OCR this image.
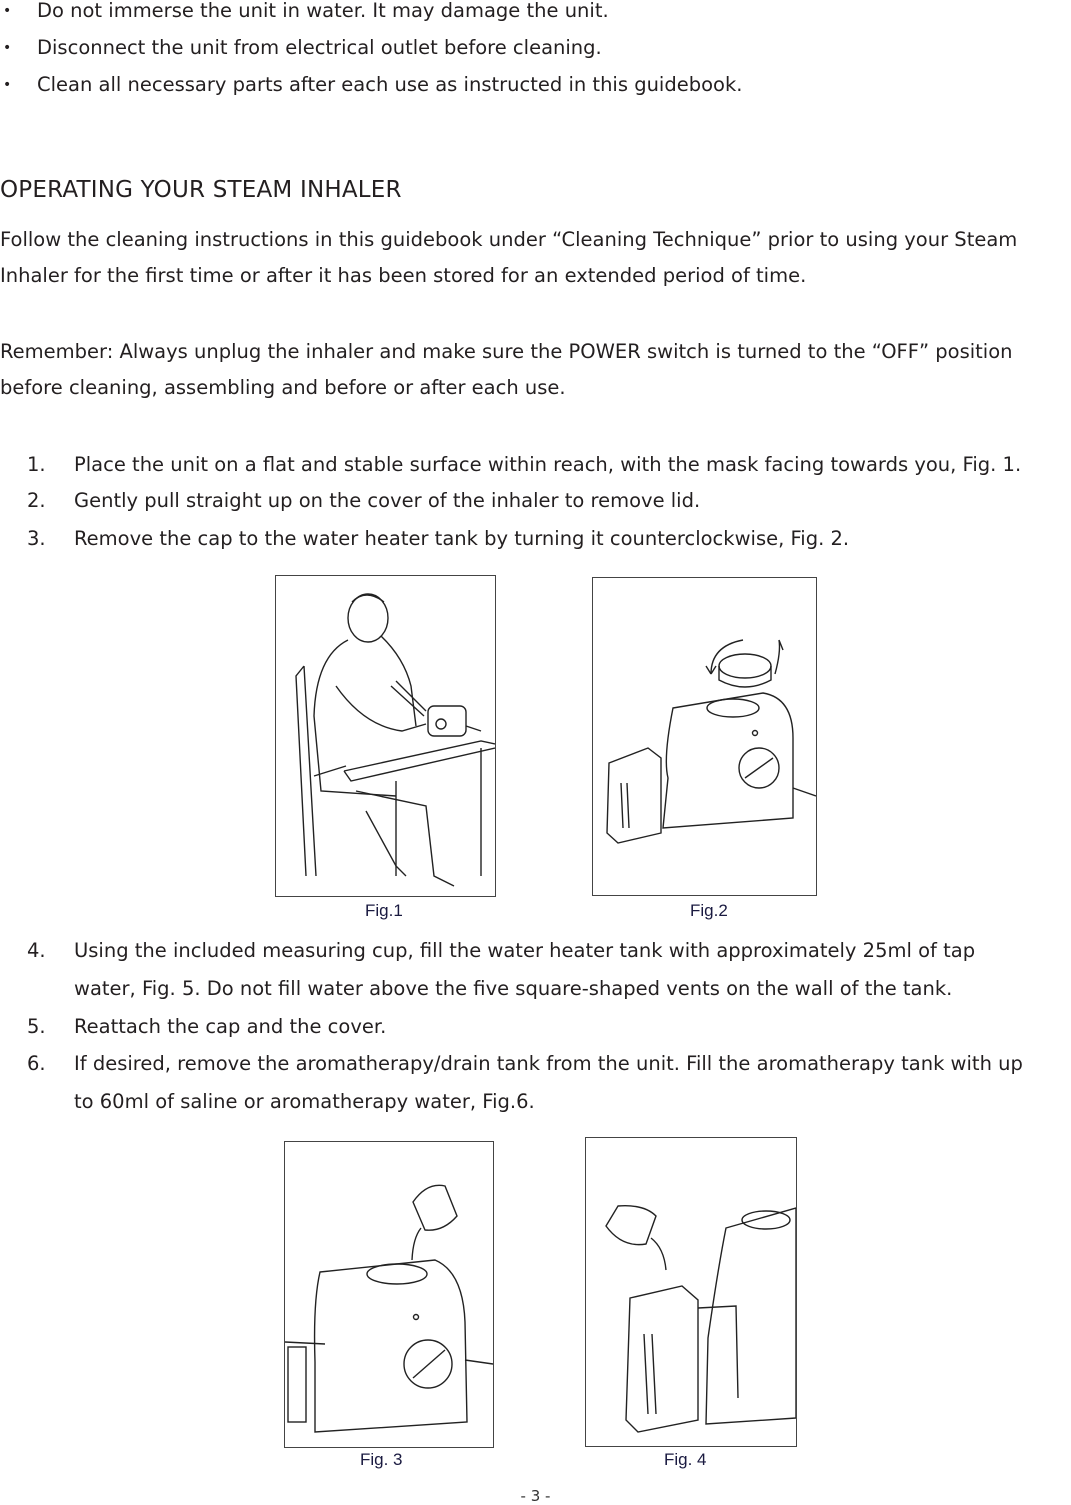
• Do not immerse the unit in water. It may damage the unit.
• Disconnect the unit from electrical outlet before cleaning.
• Clean all necessary parts after each use as instructed in this guidebook.
OPERATING YOUR STEAM INHALER
Follow the cleaning instructions in this guidebook under “Cleaning Technique” prior to using your Steam
Inhaler for the first time or after it has been stored for an extended period of time.
Remember: Always unplug the inhaler and make sure the POWER switch is turned to the “OFF” position
before cleaning, assembling and before or after each use.
1. Place the unit on a flat and stable surface within reach, with the mask facing towards you, Fig. 1.
2. Gently pull straight up on the cover of the inhaler to remove lid.
3. Remove the cap to the water heater tank by turning it counterclockwise, Fig. 2.
Fig.1	Fig.2
4. Using the included measuring cup, fill the water heater tank with approximately 25ml of tap
water, Fig. 5. Do not fill water above the five square-shaped vents on the wall of the tank.
5. Reattach the cap and the cover.
6. If desired, remove the aromatherapy/drain tank from the unit. Fill the aromatherapy tank with up
to 60ml of saline or aromatherapy water, Fig.6.
Fig. 3	Fig. 4
- 3 -
